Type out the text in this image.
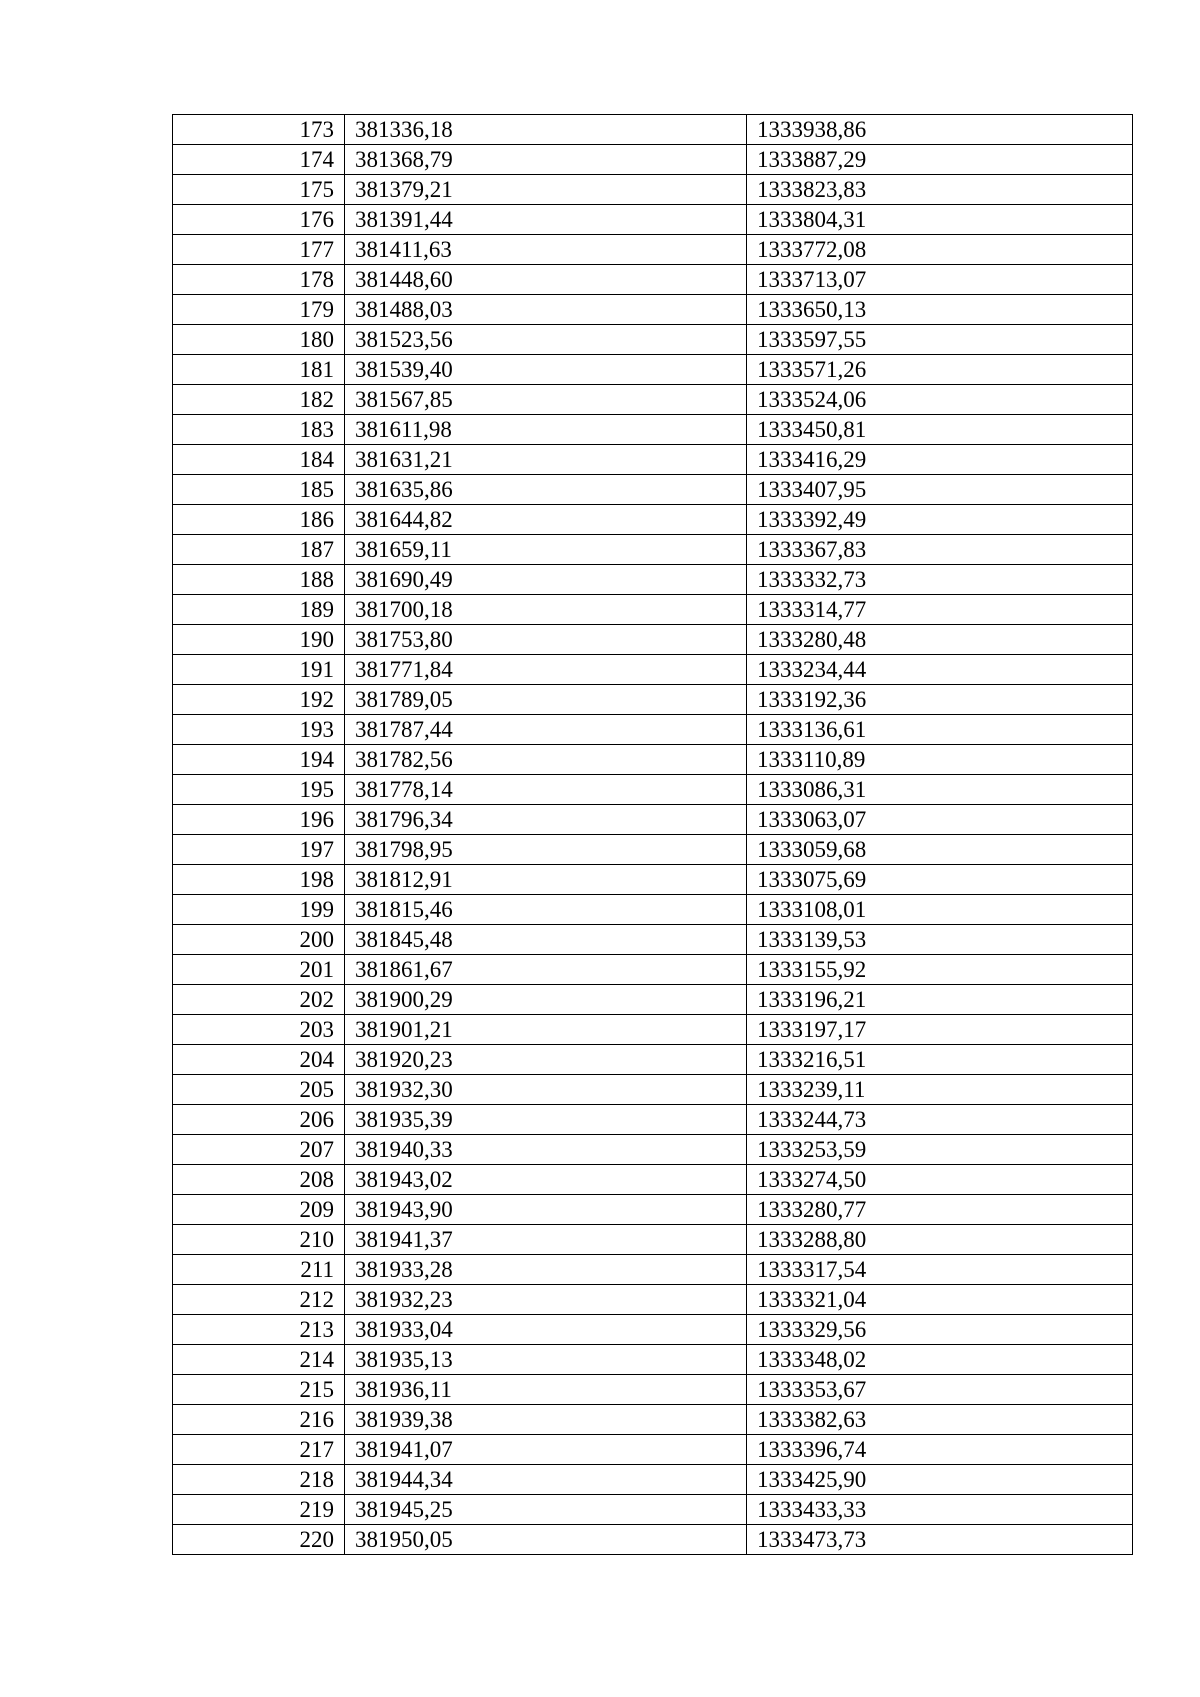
173	381336,18	1333938,86
174	381368,79	1333887,29
175	381379,21	1333823,83
176	381391,44	1333804,31
177	381411,63	1333772,08
178	381448,60	1333713,07
179	381488,03	1333650,13
180	381523,56	1333597,55
181	381539,40	1333571,26
182	381567,85	1333524,06
183	381611,98	1333450,81
184	381631,21	1333416,29
185	381635,86	1333407,95
186	381644,82	1333392,49
187	381659,11	1333367,83
188	381690,49	1333332,73
189	381700,18	1333314,77
190	381753,80	1333280,48
191	381771,84	1333234,44
192	381789,05	1333192,36
193	381787,44	1333136,61
194	381782,56	1333110,89
195	381778,14	1333086,31
196	381796,34	1333063,07
197	381798,95	1333059,68
198	381812,91	1333075,69
199	381815,46	1333108,01
200	381845,48	1333139,53
201	381861,67	1333155,92
202	381900,29	1333196,21
203	381901,21	1333197,17
204	381920,23	1333216,51
205	381932,30	1333239,11
206	381935,39	1333244,73
207	381940,33	1333253,59
208	381943,02	1333274,50
209	381943,90	1333280,77
210	381941,37	1333288,80
211	381933,28	1333317,54
212	381932,23	1333321,04
213	381933,04	1333329,56
214	381935,13	1333348,02
215	381936,11	1333353,67
216	381939,38	1333382,63
217	381941,07	1333396,74
218	381944,34	1333425,90
219	381945,25	1333433,33
220	381950,05	1333473,73
